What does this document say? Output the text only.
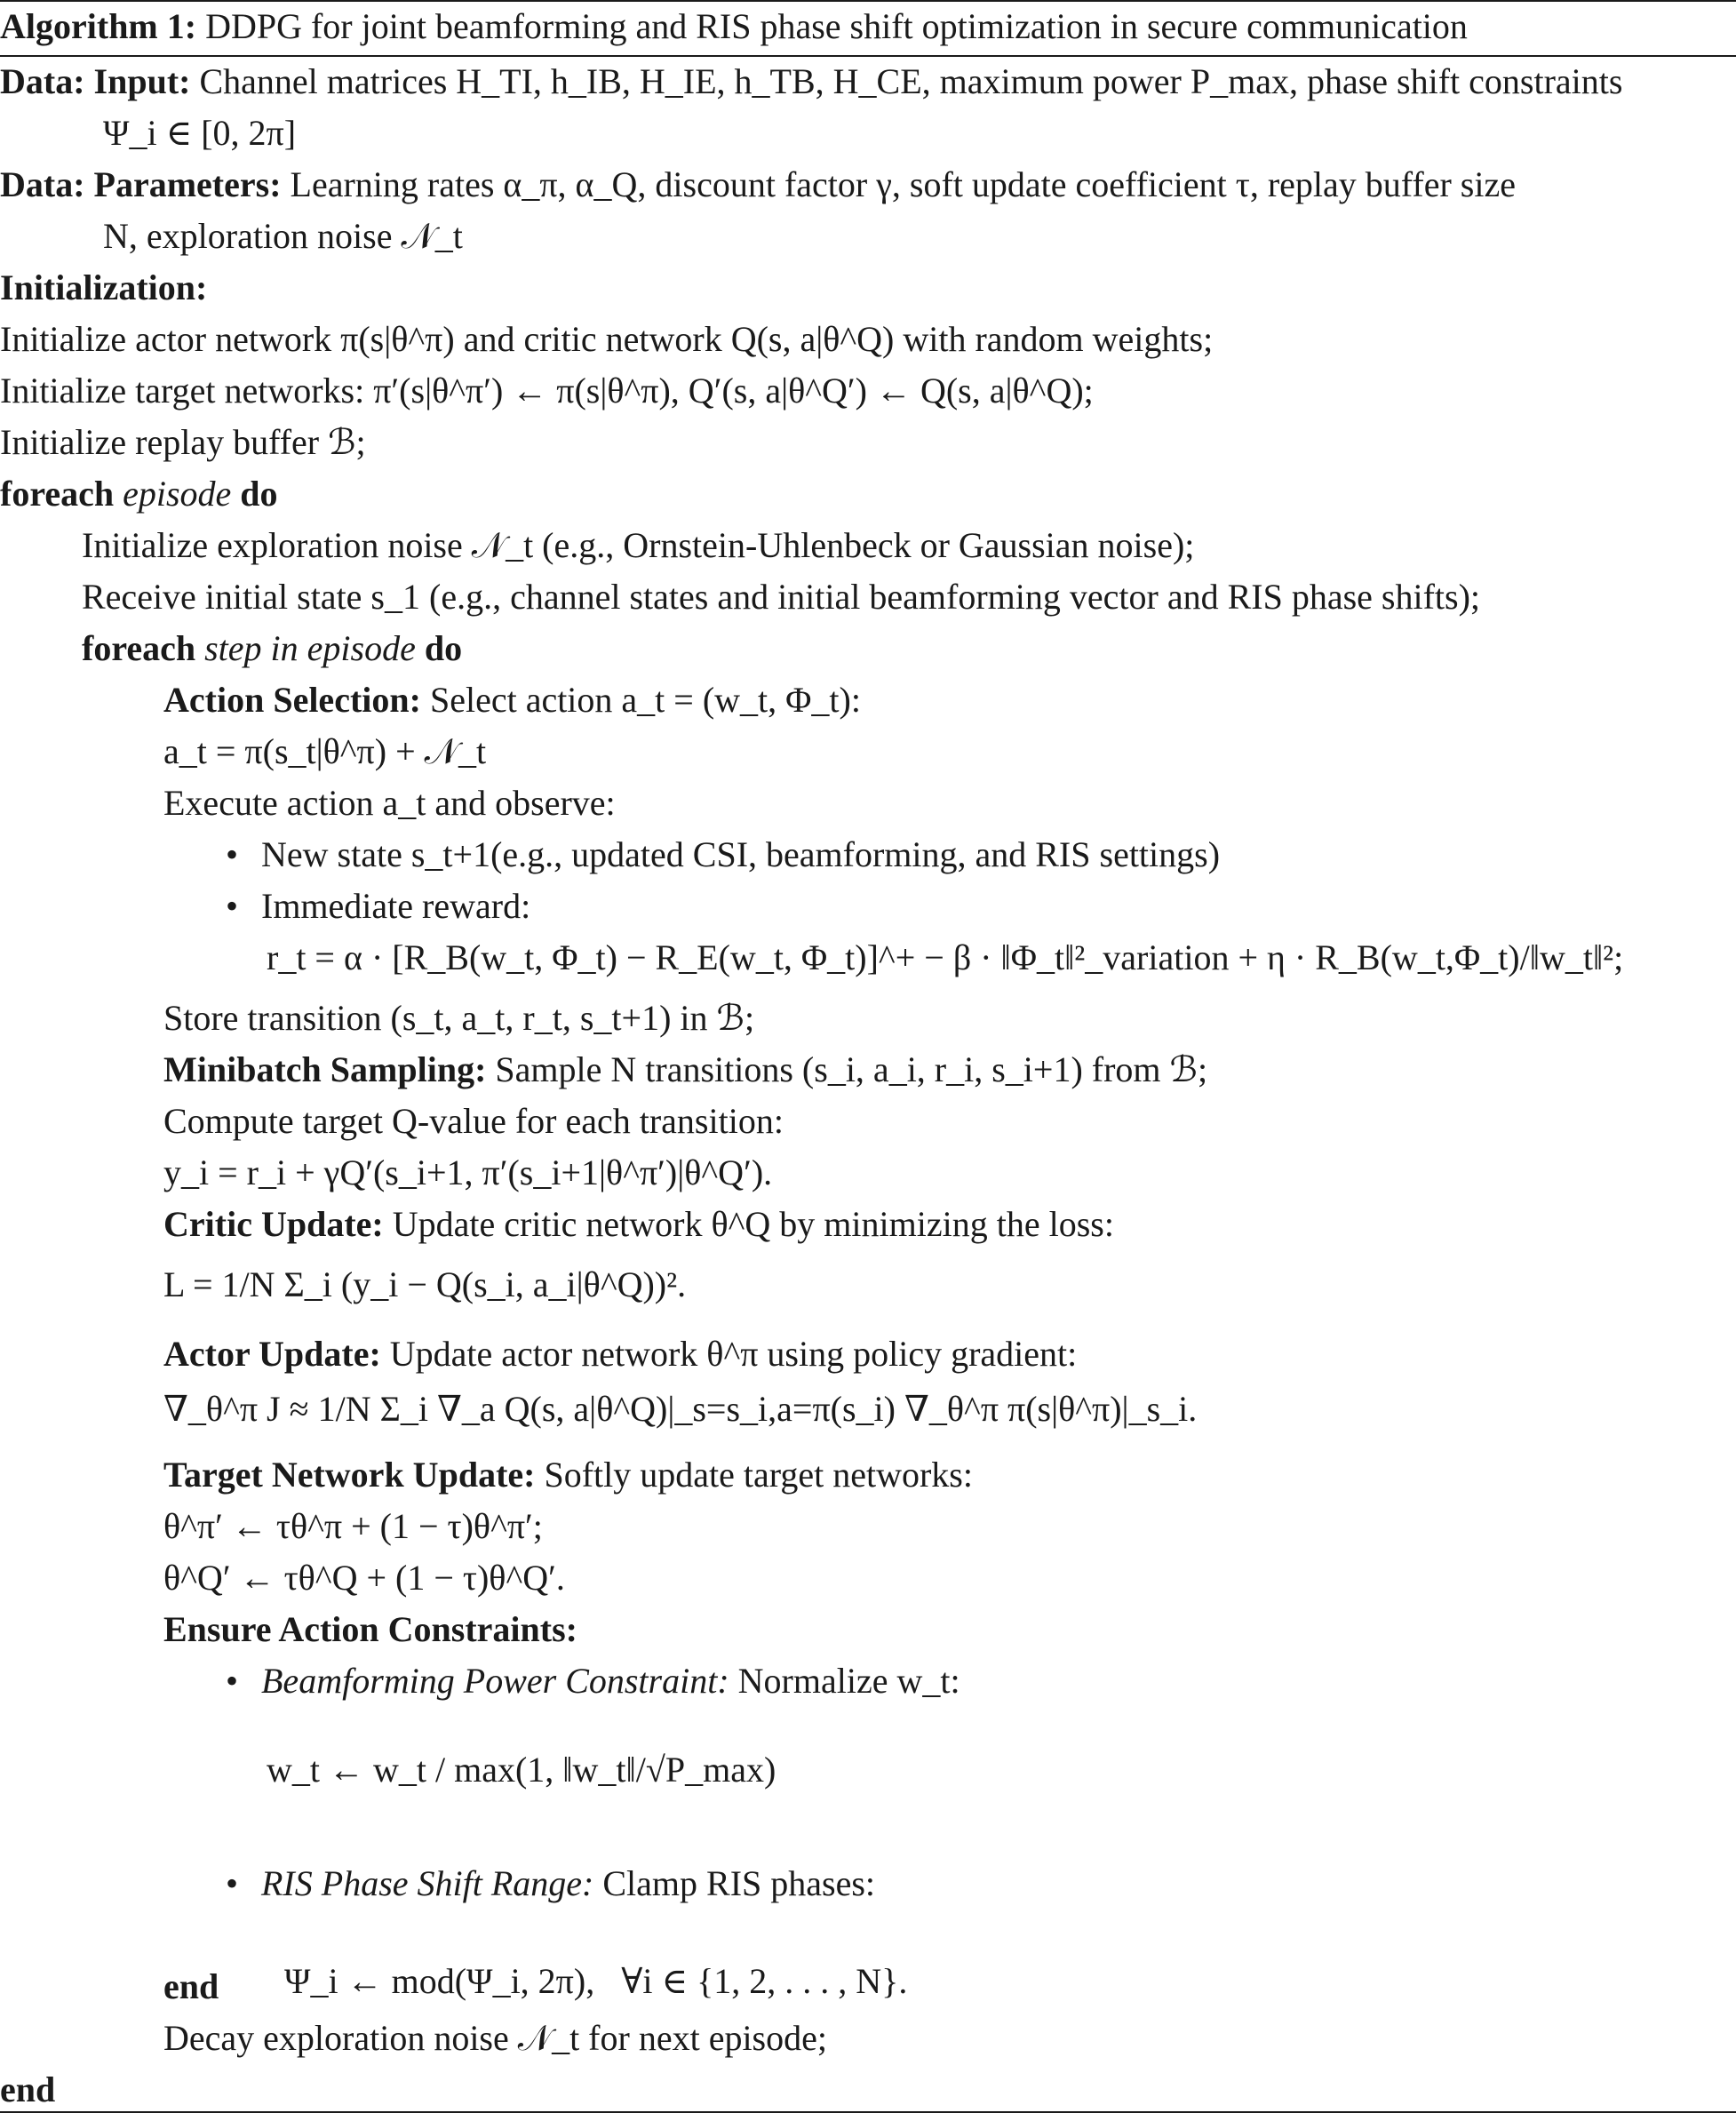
Algorithm 1: DDPG for joint beamforming and RIS phase shift optimization in secure communication
Data: Input: Channel matrices H_TI, h_IB, H_IE, h_TB, H_CE, maximum power P_max, phase shift constraints
Ψ_i ∈ [0, 2π]
Data: Parameters: Learning rates α_π, α_Q, discount factor γ, soft update coefficient τ, replay buffer size
N, exploration noise 𝒩_t
Initialization:
Initialize actor network π(s|θ^π) and critic network Q(s, a|θ^Q) with random weights;
Initialize target networks: π′(s|θ^π′) ← π(s|θ^π), Q′(s, a|θ^Q′) ← Q(s, a|θ^Q);
Initialize replay buffer ℬ;
foreach episode do
Initialize exploration noise 𝒩_t (e.g., Ornstein-Uhlenbeck or Gaussian noise);
Receive initial state s_1 (e.g., channel states and initial beamforming vector and RIS phase shifts);
foreach step in episode do
Action Selection: Select action a_t = (w_t, Φ_t):
a_t = π(s_t|θ^π) + 𝒩_t
Execute action a_t and observe:
• New state s_t+1(e.g., updated CSI, beamforming, and RIS settings)
• Immediate reward:
r_t = α · [R_B(w_t, Φ_t) − R_E(w_t, Φ_t)]^+ − β · ‖Φ_t‖²_variation + η · R_B(w_t,Φ_t)/‖w_t‖²;
Store transition (s_t, a_t, r_t, s_t+1) in ℬ;
Minibatch Sampling: Sample N transitions (s_i, a_i, r_i, s_i+1) from ℬ;
Compute target Q-value for each transition:
y_i = r_i + γQ′(s_i+1, π′(s_i+1|θ^π′)|θ^Q′).
Critic Update: Update critic network θ^Q by minimizing the loss:
L = 1/N Σ_i (y_i − Q(s_i, a_i|θ^Q))².
Actor Update: Update actor network θ^π using policy gradient:
∇_θ^π J ≈ 1/N Σ_i ∇_a Q(s, a|θ^Q)|_s=s_i,a=π(s_i) ∇_θ^π π(s|θ^π)|_s_i.
Target Network Update: Softly update target networks:
θ^π′ ← τθ^π + (1 − τ)θ^π′;
θ^Q′ ← τθ^Q + (1 − τ)θ^Q′.
Ensure Action Constraints:
• Beamforming Power Constraint: Normalize w_t:
w_t ← w_t / max(1, ‖w_t‖/√P_max)
• RIS Phase Shift Range: Clamp RIS phases:

Ψ_i ← mod(Ψ_i, 2π),   ∀i ∈ {1, 2, . . . , N}.

end
Decay exploration noise 𝒩_t for next episode;
end
